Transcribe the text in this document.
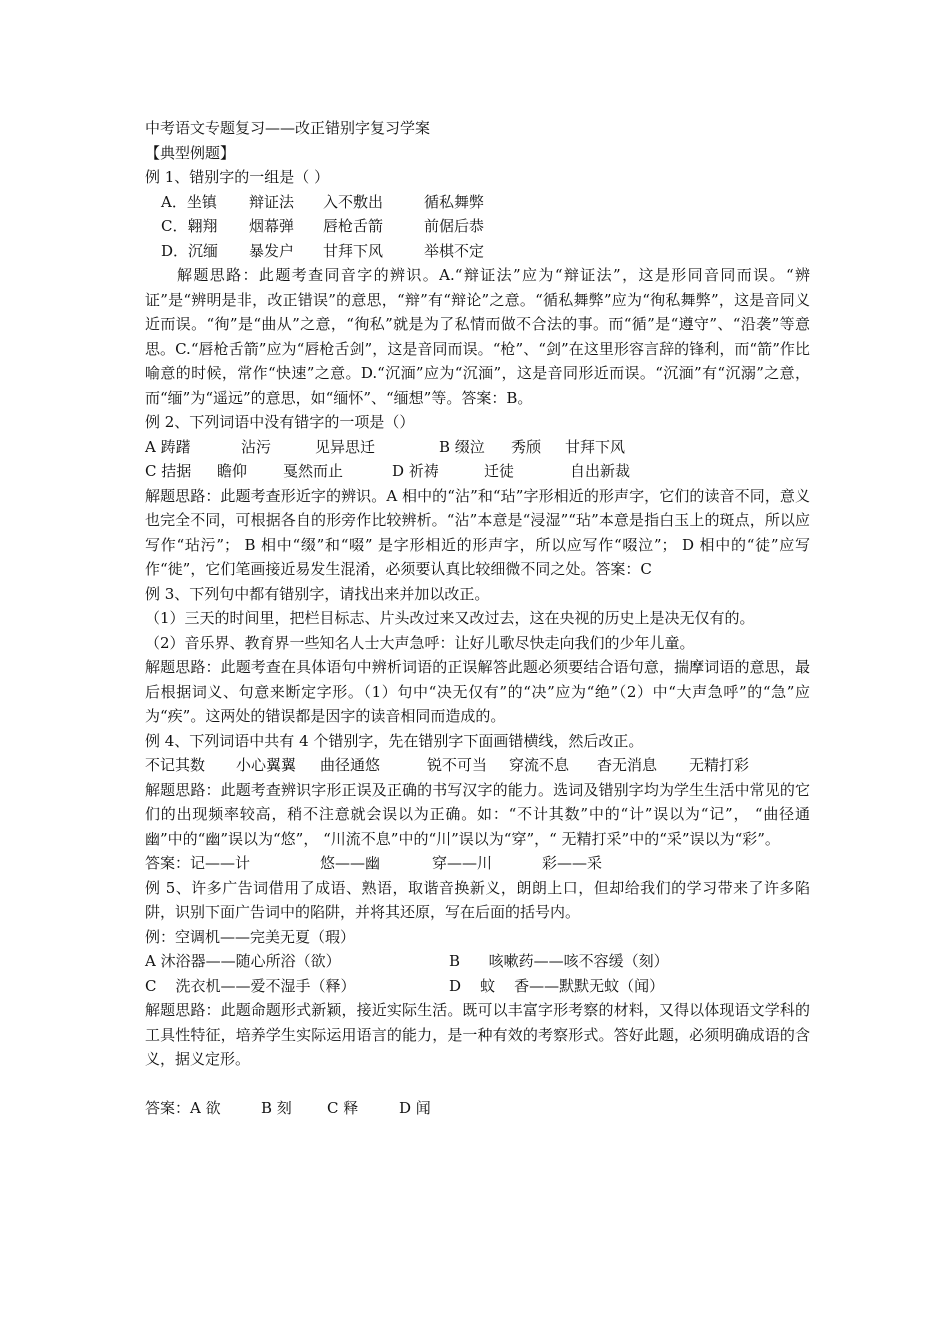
中考语文专题复习——改正错别字复习学案
【典型例题】
例 1、错别字的一组是（ ）
A．坐镇	辩证法	入不敷出	循私舞弊
C．翱翔	烟幕弹	唇枪舌箭	前倨后恭
D．沉缅	暴发户	甘拜下风	举棋不定
解题思路：此题考查同音字的辨识。A.“辩证法”应为“辩证法”，这是形同音同而误。“辨证”是“辨明是非，改正错误”的意思，“辩”有“辩论”之意。“循私舞弊”应为“徇私舞弊”，这是音同义近而误。“徇”是“曲从”之意，“徇私”就是为了私情而做不合法的事。而“循”是“遵守”、“沿袭”等意思。C.“唇枪舌箭”应为“唇枪舌剑”，这是音同而误。“枪”、“剑”在这里形容言辞的锋利，而“箭”作比喻意的时候，常作“快速”之意。D.“沉湎”应为“沉湎”，这是音同形近而误。“沉湎”有“沉溺”之意，而“缅”为“遥远”的意思，如“缅怀”、“缅想”等。答案：B。
例 2、下列词语中没有错字的一项是（）
A 踌躇	沾污	见异思迁	B 缀泣	秀颀	甘拜下风
C 拮据	瞻仰	戛然而止	D 祈祷	迁徒	自出新裁
解题思路：此题考查形近字的辨识。A 相中的“沾”和“玷”字形相近的形声字，它们的读音不同，意义也完全不同，可根据各自的形旁作比较辨析。“沾”本意是“浸湿”“玷”本意是指白玉上的斑点，所以应写作“玷污”； B 相中“缀”和“啜” 是字形相近的形声字，所以应写作“啜泣”； D 相中的“徒”应写作“徙”，它们笔画接近易发生混淆，必须要认真比较细微不同之处。答案：C
例 3、下列句中都有错别字，请找出来并加以改正。
（1）三天的时间里，把栏目标志、片头改过来又改过去，这在央视的历史上是决无仅有的。
（2）音乐界、教育界一些知名人士大声急呼：让好儿歌尽快走向我们的少年儿童。
解题思路：此题考查在具体语句中辨析词语的正误解答此题必须要结合语句意，揣摩词语的意思，最后根据词义、句意来断定字形。（1）句中“决无仅有”的“决”应为“绝”（2）中“大声急呼”的“急”应为“疾”。这两处的错误都是因字的读音相同而造成的。
例 4、下列词语中共有 4 个错别字，先在错别字下面画错横线，然后改正。
不记其数	小心翼翼	曲径通悠	锐不可当	穿流不息	杳无消息	无精打彩
解题思路：此题考查辨识字形正误及正确的书写汉字的能力。选词及错别字均为学生生活中常见的它们的出现频率较高，稍不注意就会误以为正确。如：“不计其数”中的“计”误以为“记”， “曲径通幽”中的“幽”误以为“悠”， “川流不息”中的“川”误以为“穿”，“ 无精打采”中的“采”误以为“彩”。
答案：记——计	悠——幽	穿——川	彩——采
例 5、许多广告词借用了成语、熟语，取谐音换新义，朗朗上口，但却给我们的学习带来了许多陷阱，识别下面广告词中的陷阱，并将其还原，写在后面的括号内。
例：空调机——完美无夏（瑕）
A 沐浴器——随心所浴（欲）	B      咳嗽药——咳不容缓（刻）
C    洗衣机——爱不湿手（释）	D    蚊    香——默默无蚊（闻）
解题思路：此题命题形式新颖，接近实际生活。既可以丰富字形考察的材料，又得以体现语文学科的工具性特征，培养学生实际运用语言的能力，是一种有效的考察形式。答好此题，必须明确成语的含义，据义定形。
答案：A 欲	B 刻	C 释	D 闻
